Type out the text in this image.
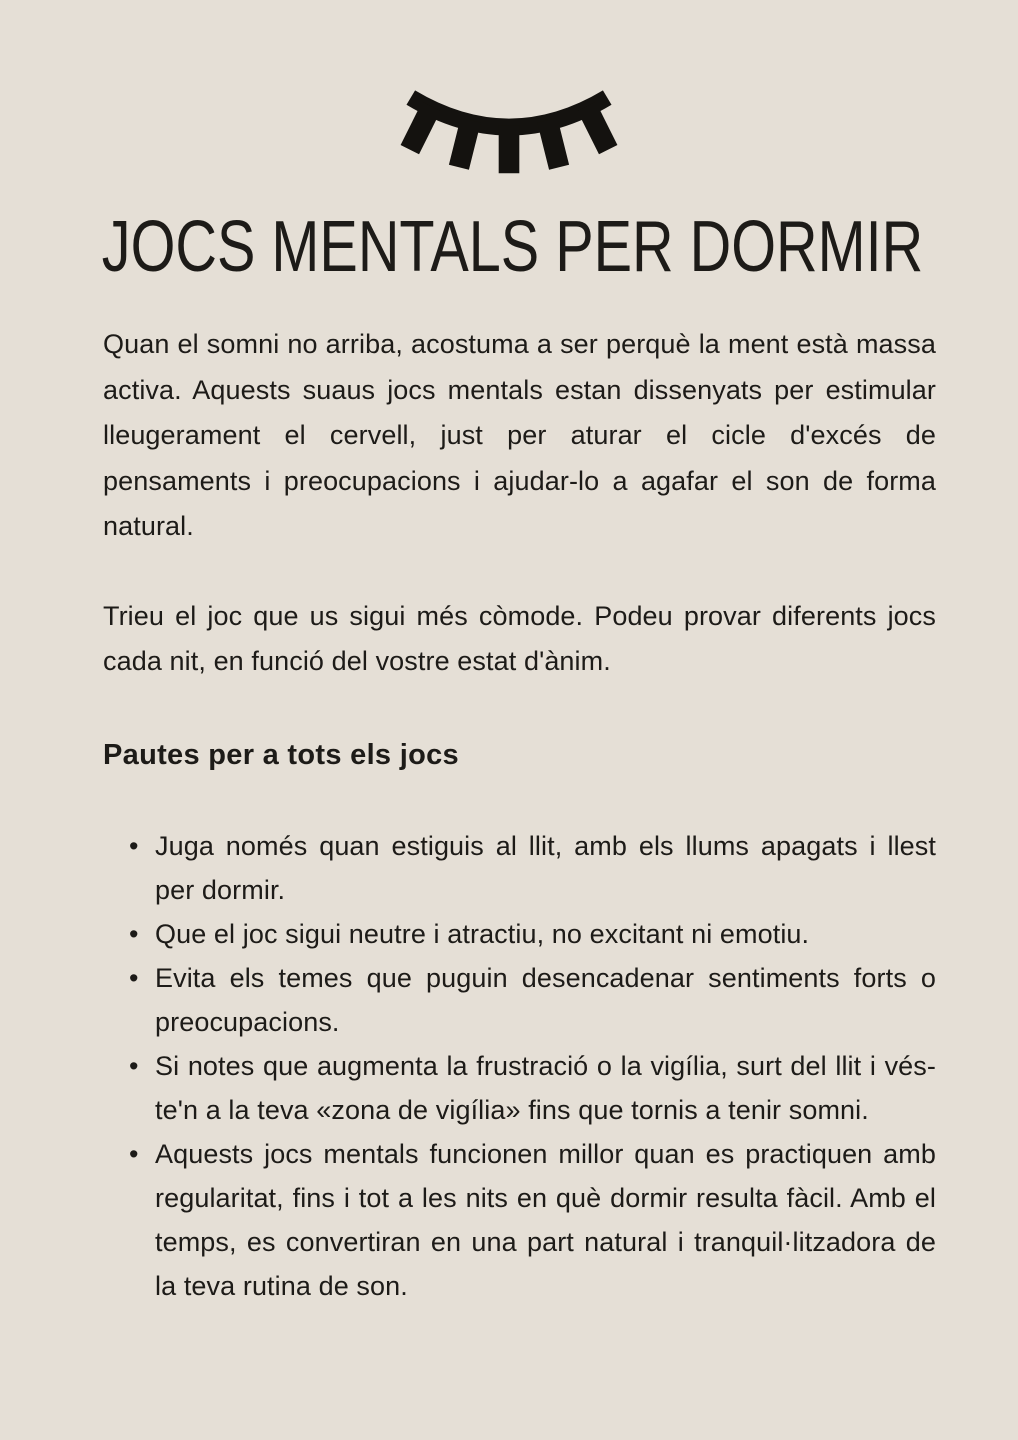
JOCS MENTALS PER DORMIR

Quan el somni no arriba, acostuma a ser perquè la ment està massa activa. Aquests suaus jocs mentals estan dissenyats per estimular lleugerament el cervell, just per aturar el cicle d'excés de pensaments i preocupacions i ajudar-lo a agafar el son de forma natural.

Trieu el joc que us sigui més còmode. Podeu provar diferents jocs cada nit, en funció del vostre estat d'ànim.

Pautes per a tots els jocs
• Juga només quan estiguis al llit, amb els llums apagats i llest per dormir.
• Que el joc sigui neutre i atractiu, no excitant ni emotiu.
• Evita els temes que puguin desencadenar sentiments forts o preocupacions.
• Si notes que augmenta la frustració o la vigília, surt del llit i vés-te'n a la teva «zona de vigília» fins que tornis a tenir somni.
• Aquests jocs mentals funcionen millor quan es practiquen amb regularitat, fins i tot a les nits en què dormir resulta fàcil. Amb el temps, es convertiran en una part natural i tranquil·litzadora de la teva rutina de son.
